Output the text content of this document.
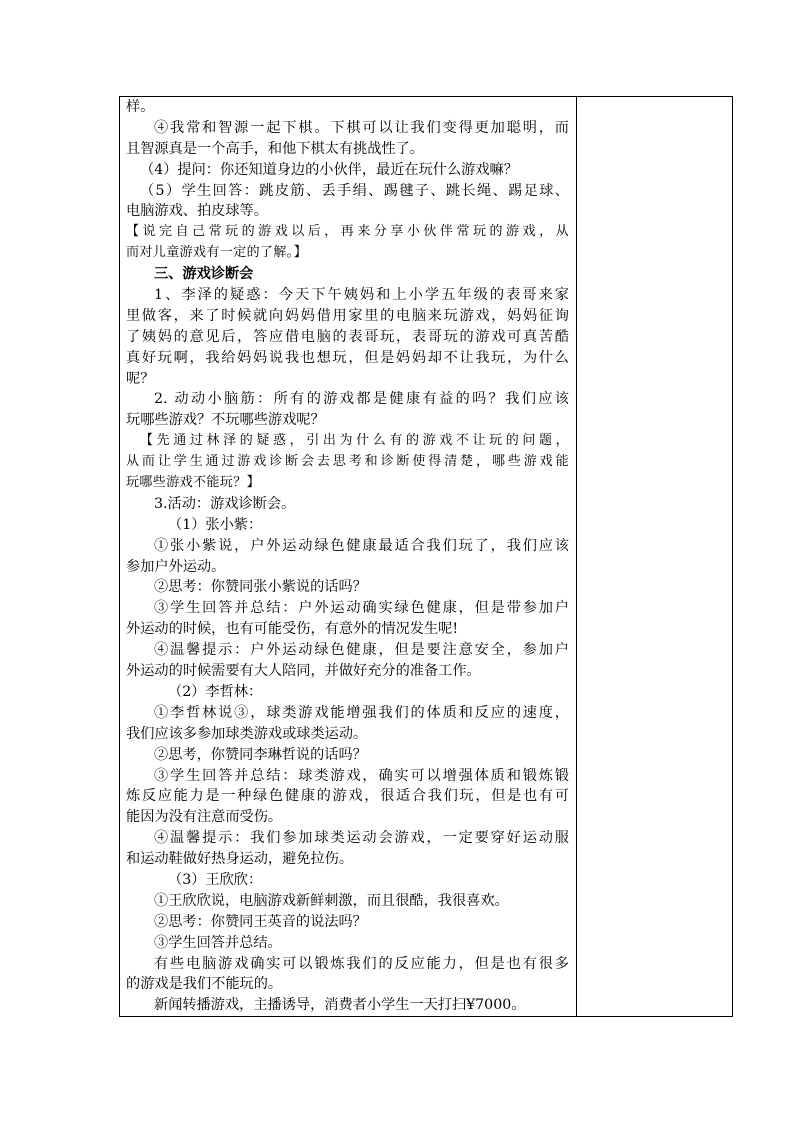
样。
④我常和智源一起下棋。下棋可以让我们变得更加聪明，而
且智源真是一个高手，和他下棋太有挑战性了。
（4）提问：你还知道身边的小伙伴，最近在玩什么游戏嘛？
（5）学生回答：跳皮筋、丢手绢、踢毽子、跳长绳、踢足球、
电脑游戏、拍皮球等。
【说完自己常玩的游戏以后，再来分享小伙伴常玩的游戏，从
而对儿童游戏有一定的了解。】
三、游戏诊断会
1、李泽的疑惑：今天下午姨妈和上小学五年级的表哥来家
里做客，来了时候就向妈妈借用家里的电脑来玩游戏，妈妈征询
了姨妈的意见后，答应借电脑的表哥玩，表哥玩的游戏可真苦酷
真好玩啊，我给妈妈说我也想玩，但是妈妈却不让我玩，为什么
呢？
2. 动动小脑筋：所有的游戏都是健康有益的吗？我们应该
玩哪些游戏？不玩哪些游戏呢？
【先通过林泽的疑惑，引出为什么有的游戏不让玩的问题，
从而让学生通过游戏诊断会去思考和诊断使得清楚，哪些游戏能
玩哪些游戏不能玩？】
3.活动：游戏诊断会。
（1）张小紫：
①张小紫说，户外运动绿色健康最适合我们玩了，我们应该
参加户外运动。
②思考：你赞同张小紫说的话吗？
③学生回答并总结：户外运动确实绿色健康，但是带参加户
外运动的时候，也有可能受伤，有意外的情况发生呢!
④温馨提示：户外运动绿色健康，但是要注意安全，参加户
外运动的时候需要有大人陪同，并做好充分的准备工作。
（2）李哲林：
①李哲林说③，球类游戏能增强我们的体质和反应的速度，
我们应该多参加球类游戏或球类运动。
②思考，你赞同李琳哲说的话吗？
③学生回答并总结：球类游戏，确实可以增强体质和锻炼锻
炼反应能力是一种绿色健康的游戏，很适合我们玩，但是也有可
能因为没有注意而受伤。
④温馨提示：我们参加球类运动会游戏，一定要穿好运动服
和运动鞋做好热身运动，避免拉伤。
（3）王欣欣：
①王欣欣说，电脑游戏新鲜刺激，而且很酷，我很喜欢。
②思考：你赞同王英音的说法吗？
③学生回答并总结。
有些电脑游戏确实可以锻炼我们的反应能力，但是也有很多
的游戏是我们不能玩的。
新闻转播游戏，主播诱导，消费者小学生一天打扫¥7000。
